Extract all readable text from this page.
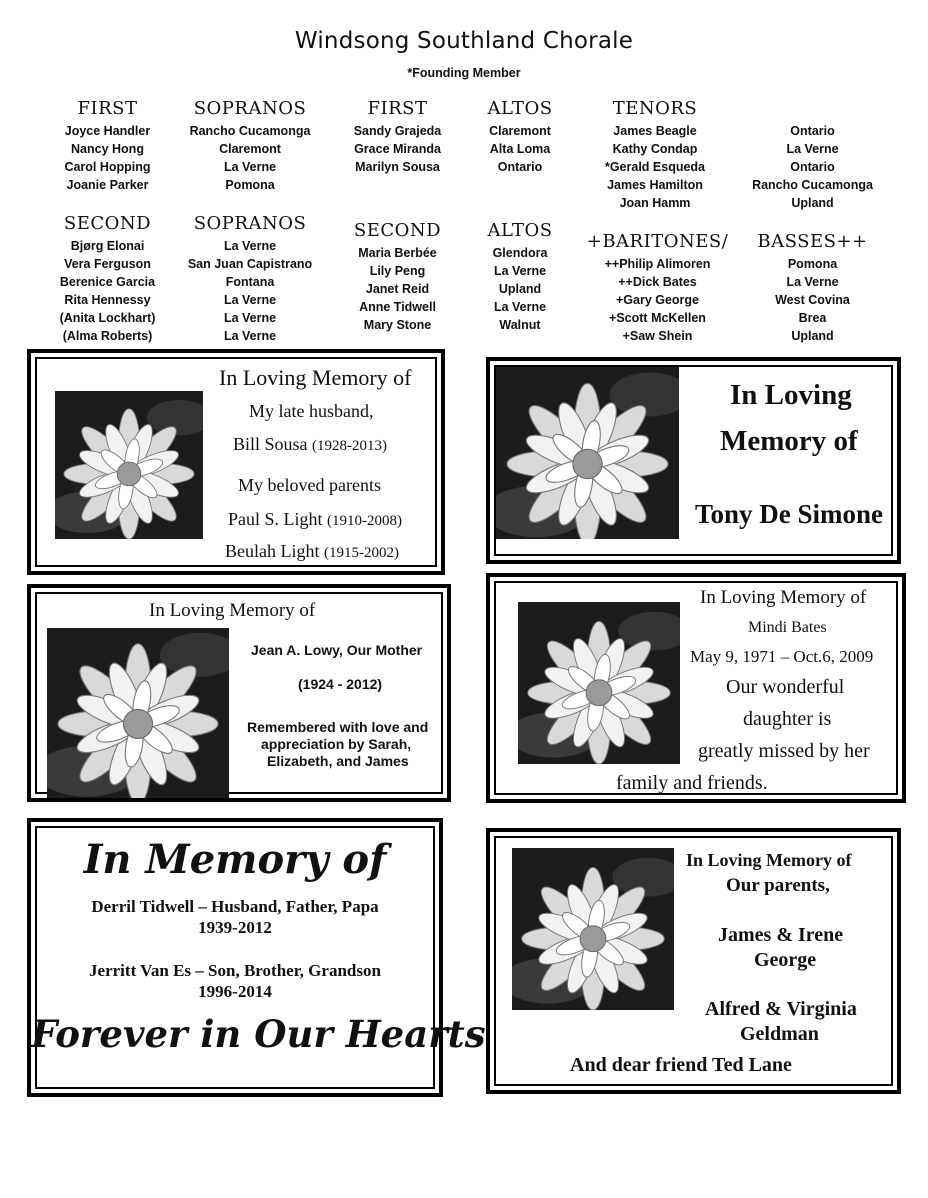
Windsong Southland Chorale
*Founding Member
FIRST
Joyce Handler
Nancy Hong
Carol Hopping
Joanie Parker
SOPRANOS
Rancho Cucamonga
Claremont
La Verne
Pomona
FIRST
Sandy Grajeda
Grace Miranda
Marilyn Sousa
ALTOS
Claremont
Alta Loma
Ontario
TENORS
James Beagle
Kathy Condap
*Gerald Esqueda
James Hamilton
Joan Hamm
Ontario
La Verne
Ontario
Rancho Cucamonga
Upland
SECOND
Bjørg Elonai
Vera Ferguson
Berenice Garcia
Rita Hennessy
(Anita Lockhart)
(Alma Roberts)
SOPRANOS
La Verne
San Juan Capistrano
Fontana
La Verne
La Verne
La Verne
SECOND
Maria Berbée
Lily Peng
Janet Reid
Anne Tidwell
Mary Stone
ALTOS
Glendora
La Verne
Upland
La Verne
Walnut
+BARITONES/
++Philip Alimoren
++Dick Bates
+Gary George
+Scott McKellen
+Saw Shein
BASSES++
Pomona
La Verne
West Covina
Brea
Upland
In Loving Memory of
My late husband,
Bill Sousa (1928-2013)
My beloved parents
Paul S. Light (1910-2008)
Beulah Light (1915-2002)
In Loving
Memory of
Tony De Simone
In Loving Memory of
Jean A. Lowy, Our Mother
(1924 - 2012)
Remembered with love and
appreciation by Sarah,
Elizabeth, and James
In Loving Memory of
Mindi Bates
May 9, 1971 – Oct.6, 2009
Our wonderful
daughter is
greatly missed by her
family and friends.
In Memory of
Derril Tidwell – Husband, Father, Papa
1939-2012
Jerritt Van Es – Son, Brother, Grandson
1996-2014
Forever in Our Hearts
In Loving Memory of
Our parents,
James & Irene
George
Alfred & Virginia
Geldman
And dear friend Ted Lane
